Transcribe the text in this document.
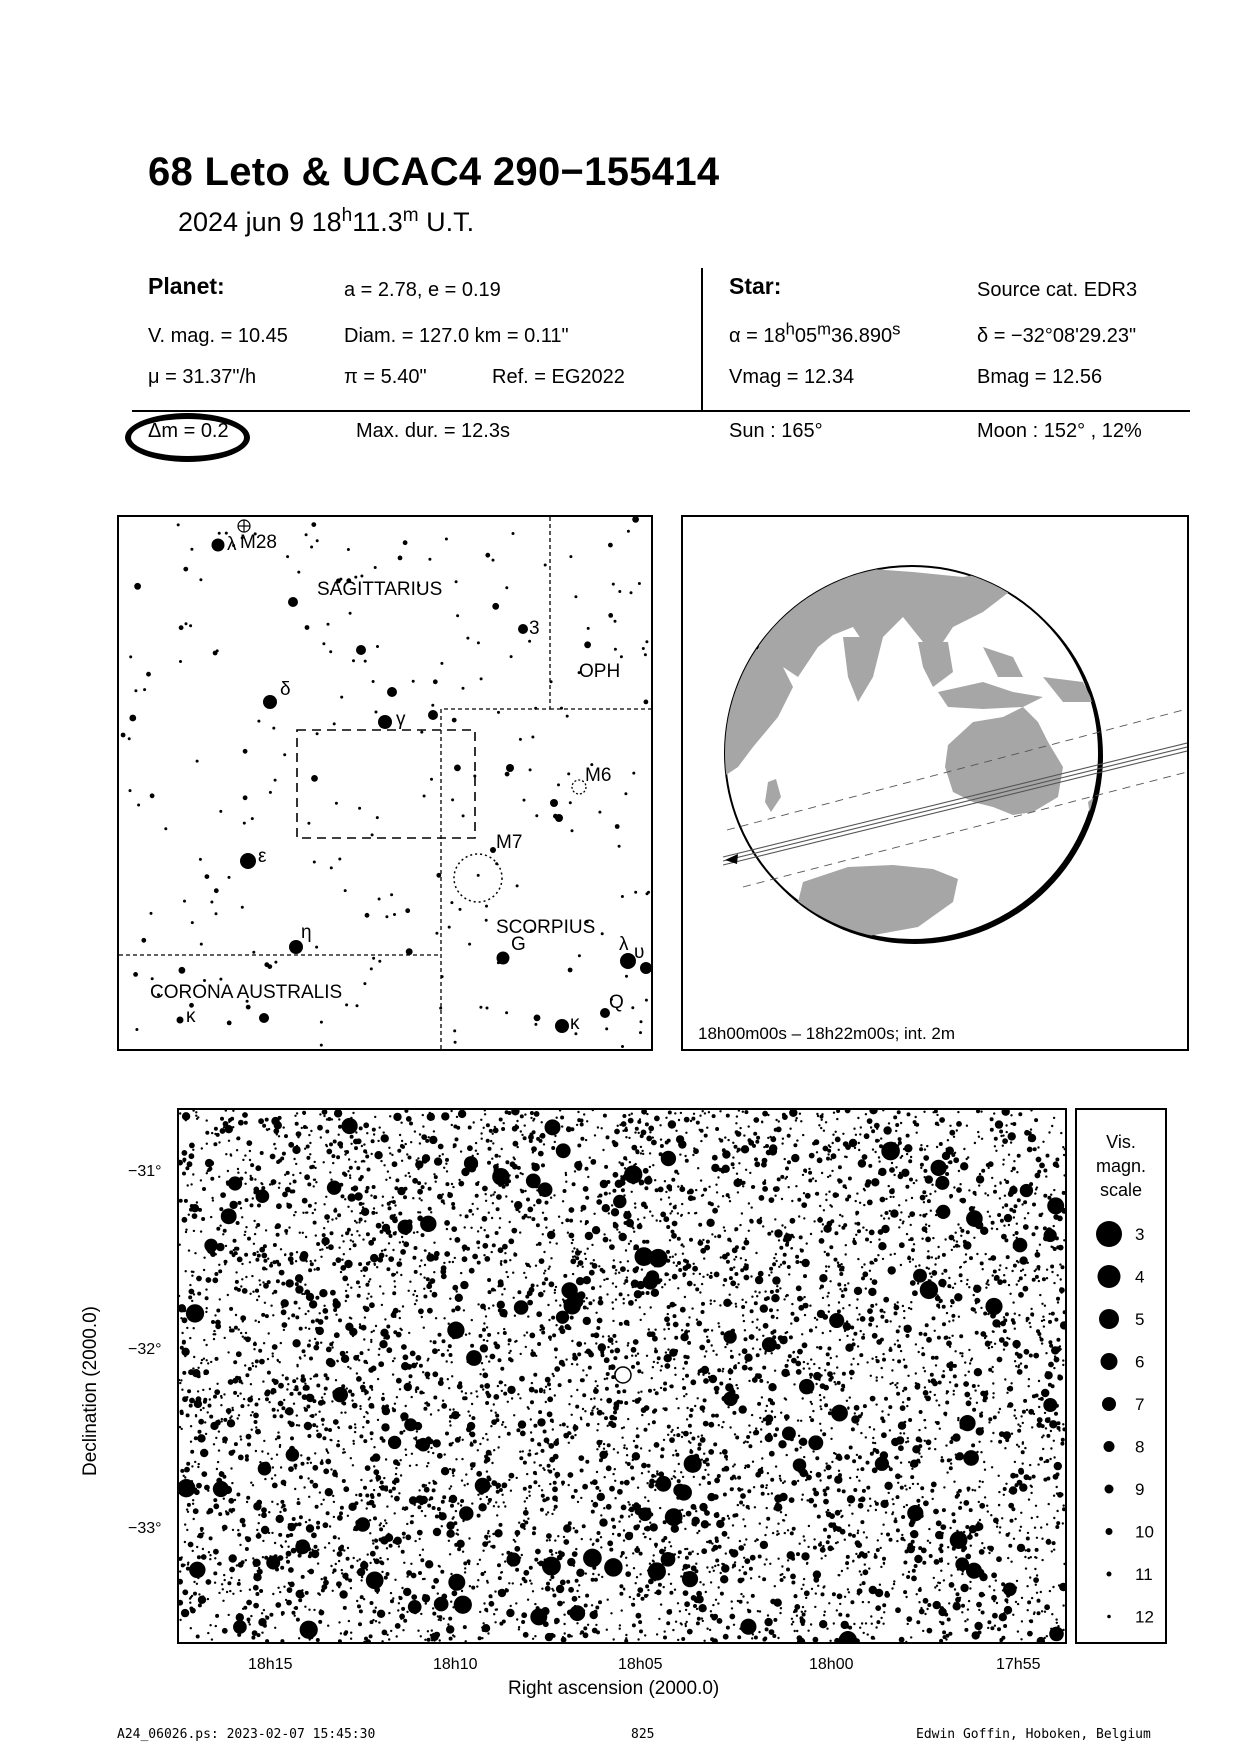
68 Leto & UCAC4 290−155414
2024 jun 9 18$^h$11.3$^m$ U.T.
Planet:	a = 2.78, e = 0.19
V. mag. = 10.45	Diam. = 127.0 km = 0.11"
μ = 31.37"/h	π = 5.40"	Ref. = EG2022
Star:	Source cat. EDR3
$\alpha = 18^h05^m36.890^s$	δ = −32°08'29.23"
Vmag = 12.34	Bmag = 12.56
Δm = 0.2	Max. dur. = 12.3s	Sun : 165°	Moon : 152° , 12%
SAGITTARIUS
OPH
SCORPIUS
CORONA AUSTRALIS
λ M28
3
δ
γ
M6
M7
ε
η
G	λ υ
Q
κ
κ
18h00m00s – 18h22m00s; int. 2m
−31°
−32°
−33°
18h15	18h10	18h05	18h00	17h55
Right ascension (2000.0)
Declination (2000.0)
Vis.
magn.
scale
3
4
5
6
7
8
9
10
11
12
A24_06026.ps: 2023-02-07 15:45:30	825	Edwin Goffin, Hoboken, Belgium
